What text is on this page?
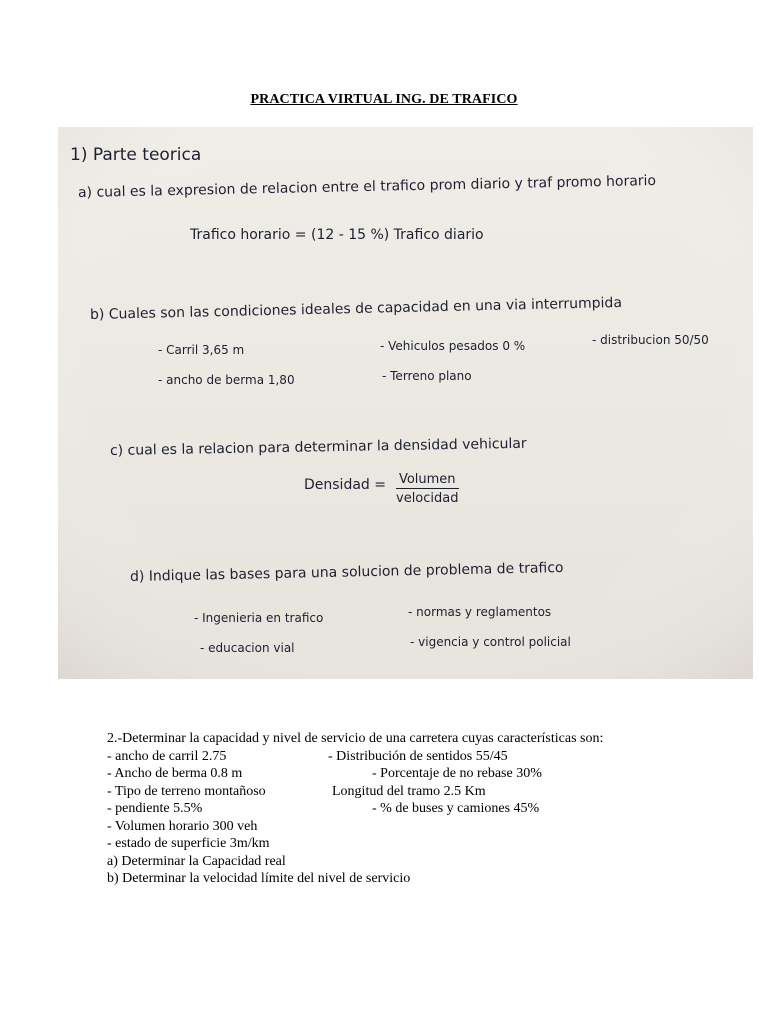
PRACTICA VIRTUAL ING. DE TRAFICO
1) Parte teorica
a) cual es la expresion de relacion entre el trafico prom diario y traf promo horario
Trafico horario = (12 - 15 %) Trafico diario
b) Cuales son las condiciones ideales de capacidad en una via interrumpida
- Carril 3,65 m	- Vehiculos pesados 0 %	- distribucion 50/50
- ancho de berma 1,80	- Terreno plano
c) cual es la relacion para determinar la densidad vehicular
Densidad = Volumen
velocidad
d) Indique las bases para una solucion de problema de trafico
- Ingenieria en trafico	- normas y reglamentos
- educacion vial	- vigencia y control policial
2.-Determinar la capacidad y nivel de servicio de una carretera cuyas características son:
- ancho de carril 2.75	- Distribución de sentidos 55/45
- Ancho de berma 0.8 m	- Porcentaje de no rebase 30%
- Tipo de terreno montañoso	Longitud del tramo 2.5 Km
- pendiente 5.5%	- % de buses y camiones 45%
- Volumen horario 300 veh
- estado de superficie 3m/km
a) Determinar la Capacidad real
b) Determinar la velocidad límite del nivel de servicio
